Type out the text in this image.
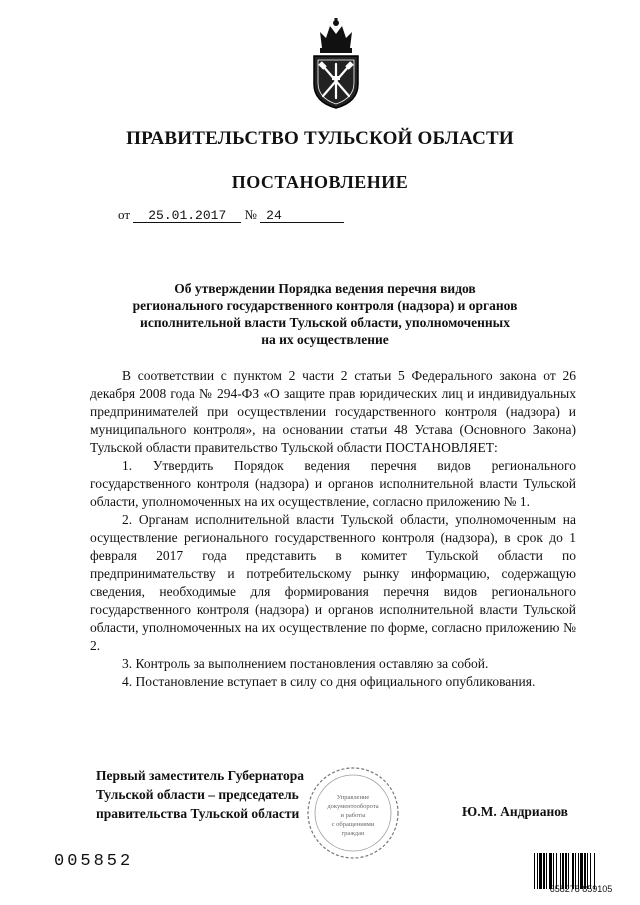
ПРАВИТЕЛЬСТВО ТУЛЬСКОЙ ОБЛАСТИ
ПОСТАНОВЛЕНИЕ
от 25.01.2017 № 24
Об утверждении Порядка ведения перечня видов
регионального государственного контроля (надзора) и органов
исполнительной власти Тульской области, уполномоченных
на их осуществление

В соответствии с пунктом 2 части 2 статьи 5 Федерального закона от 26 декабря 2008 года № 294-ФЗ «О защите прав юридических лиц и индивидуальных предпринимателей при осуществлении государственного контроля (надзора) и муниципального контроля», на основании статьи 48 Устава (Основного Закона) Тульской области правительство Тульской области ПОСТАНОВЛЯЕТ:

1. Утвердить Порядок ведения перечня видов регионального государственного контроля (надзора) и органов исполнительной власти Тульской области, уполномоченных на их осуществление, согласно приложению № 1.

2. Органам исполнительной власти Тульской области, уполномоченным на осуществление регионального государственного контроля (надзора), в срок до 1 февраля 2017 года представить в комитет Тульской области по предпринимательству и потребительскому рынку информацию, содержащую сведения, необходимые для формирования перечня видов регионального государственного контроля (надзора) и органов исполнительной власти Тульской области, уполномоченных на их осуществление по форме, согласно приложению № 2.

3. Контроль за выполнением постановления оставляю за собой.

4. Постановление вступает в силу со дня официального опубликования.

Управление
документооборота
и работы
с обращениями
граждан
Первый заместитель Губернатора
Тульской области – председатель
правительства Тульской области	Ю.М. Андрианов
005852
658278 859105
